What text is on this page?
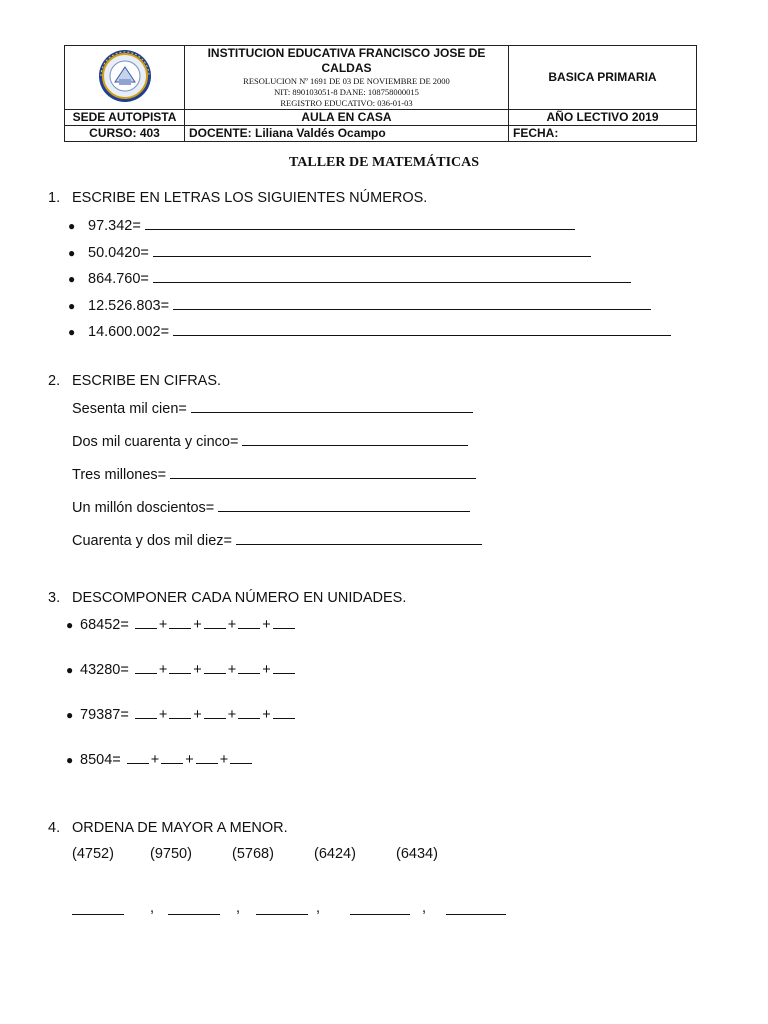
INSTITUCION EDUCATIVA FRANCISCO JOSE DE CALDAS
RESOLUCION Nº 1691 DE 03 DE NOVIEMBRE DE 2000
NIT: 890103051-8 DANE: 108758000015
REGISTRO EDUCATIVO: 036-01-03	BASICA PRIMARIA
SEDE AUTOPISTA	AULA EN CASA	AÑO LECTIVO 2019
CURSO: 403	DOCENTE: Liliana Valdés Ocampo	FECHA:
TALLER DE MATEMÁTICAS
1. ESCRIBE EN LETRAS LOS SIGUIENTES NÚMEROS.
● 97.342=
● 50.0420=
● 864.760=
● 12.526.803=
● 14.600.002=
2. ESCRIBE EN CIFRAS.
Sesenta mil cien=
Dos mil cuarenta y cinco=
Tres millones=
Un millón doscientos=
Cuarenta y dos mil diez=
3. DESCOMPONER CADA NÚMERO EN UNIDADES.
● 68452= + + + +
● 43280= + + + +
● 79387= + + + +
● 8504= + + +
4. ORDENA DE MAYOR A MENOR.
(4752) (9750)	(5768)	(6424)	(6434)
,	,	,	,
